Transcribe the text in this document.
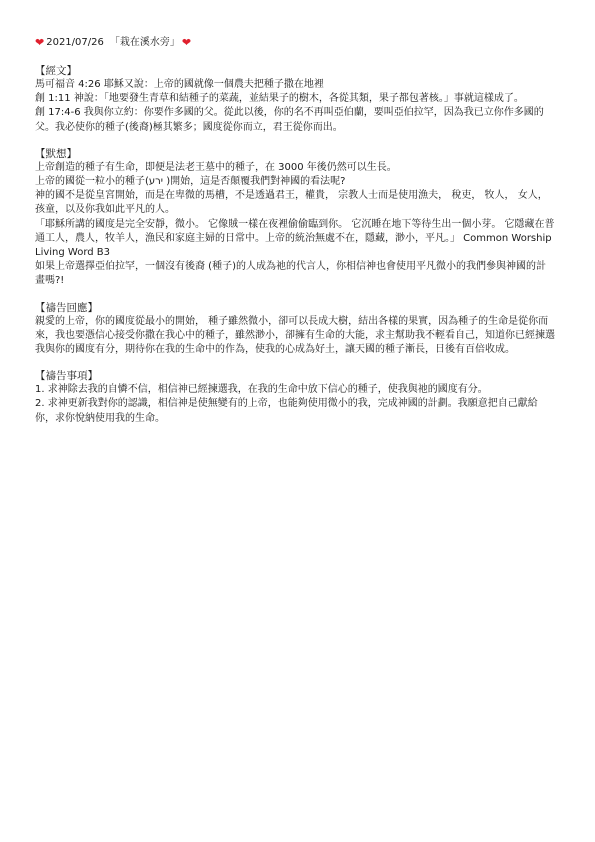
❤ 2021/07/26 「栽在溪水旁」 ❤
【經文】

馬可福音 4:26 耶穌又說：上帝的國就像一個農夫把種子撒在地裡

創 1:11 神說：「地要發生青草和結種子的菜蔬，並結果子的樹木，各從其類，果子都包著核。」事就這樣成了。

創 17:4-6 我與你立約：你要作多國的父。從此以後，你的名不再叫亞伯蘭，要叫亞伯拉罕，因為我已立你作多國的父。我必使你的種子(後裔)極其繁多；國度從你而立，君王從你而出。

【默想】

上帝創造的種子有生命，即便是法老王墓中的種子，在 3000 年後仍然可以生長。

上帝的國從一粒小的種子(ירע )開始，這是否顛覆我們對神國的看法呢?

神的國不是從皇宮開始，而是在卑微的馬槽，不是透過君王，權貴， 宗教人士而是使用漁夫， 稅吏， 牧人， 女人，孩童，以及你我如此平凡的人。

「耶穌所講的國度是完全安靜，微小。 它像賊一樣在夜裡偷偷臨到你。 它沉睡在地下等待生出一個小芽。 它隱藏在普通工人，農人，牧羊人，漁民和家庭主婦的日常中。上帝的統治無處不在，隱藏，渺小，平凡。」 Common Worship Living Word B3

如果上帝選擇亞伯拉罕，一個沒有後裔 (種子)的人成為祂的代言人，你相信神也會使用平凡微小的我們參與神國的計畫嗎?!

【禱告回應】

親愛的上帝，你的國度從最小的開始， 種子雖然微小，卻可以長成大樹，結出各樣的果實，因為種子的生命是從你而來，我也要憑信心接受你撒在我心中的種子，雖然渺小，卻擁有生命的大能，求主幫助我不輕看自己，知道你已經揀選我與你的國度有分，期待你在我的生命中的作為，使我的心成為好土，讓天國的種子漸長，日後有百倍收成。

【禱告事項】

1. 求神除去我的自憐不信，相信神已經揀選我，在我的生命中放下信心的種子，使我與祂的國度有分。

2. 求神更新我對你的認識，相信神是使無變有的上帝，也能夠使用微小的我，完成神國的計劃。我願意把自己獻給你，求你悅納使用我的生命。
